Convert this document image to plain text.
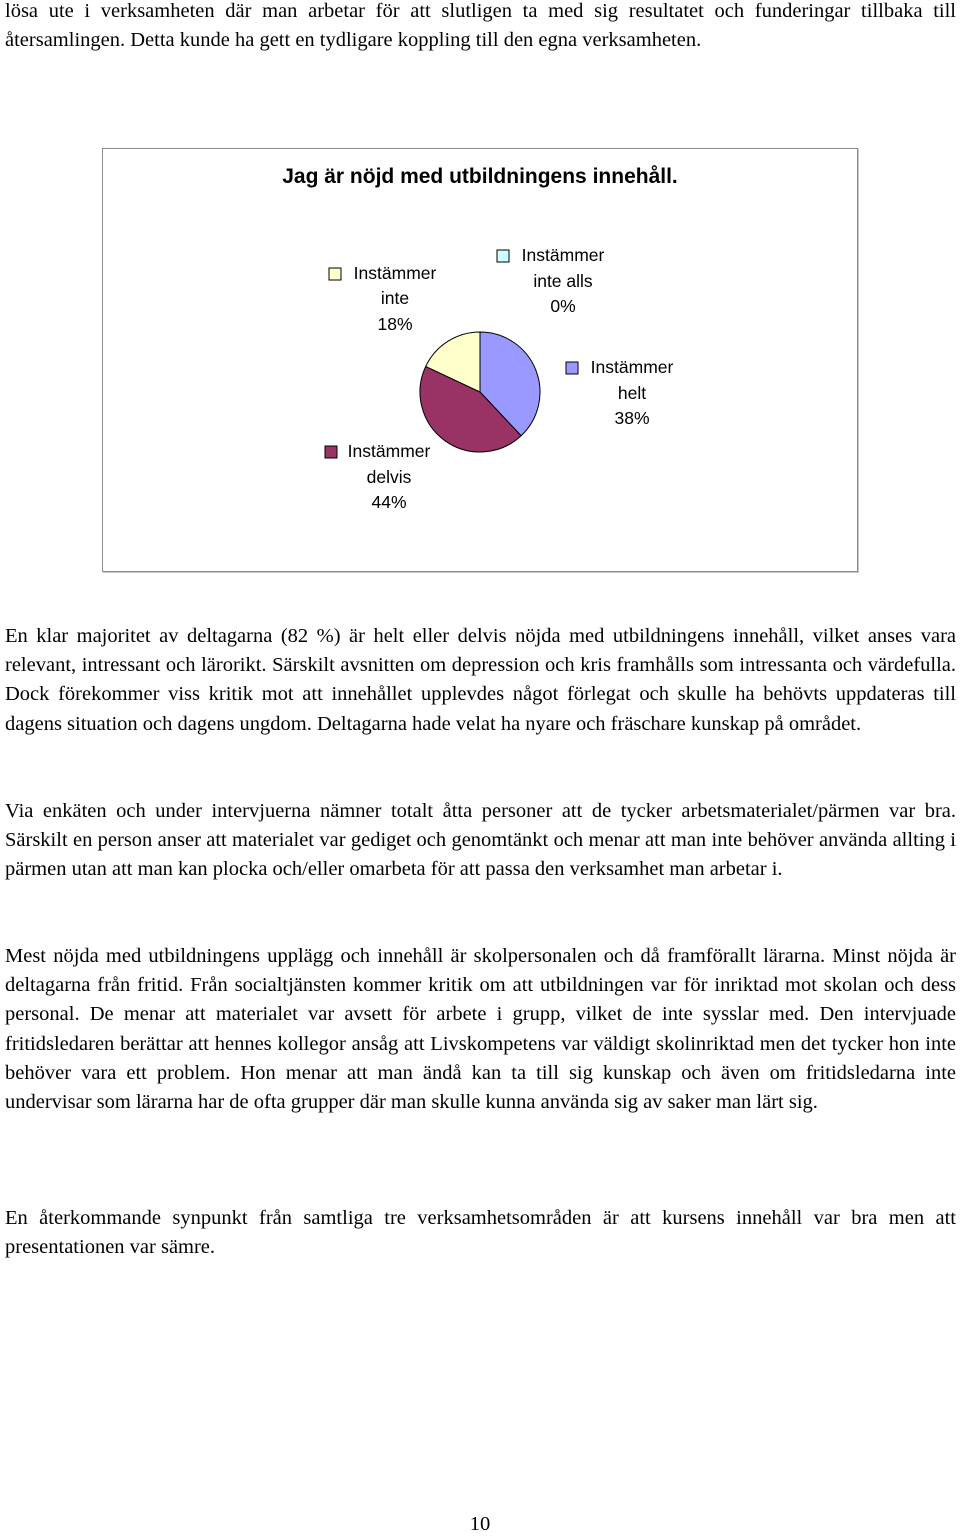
lösa ute i verksamheten där man arbetar för att slutligen ta med sig resultatet och funderingar tillbaka till återsamlingen. Detta kunde ha gett en tydligare koppling till den egna verksamheten.

Jag är nöjd med utbildningens innehåll.
Instämmer
inte
18%
Instämmer
inte alls
0%
Instämmer
helt
38%
Instämmer
delvis
44%

En klar majoritet av deltagarna (82 %) är helt eller delvis nöjda med utbildningens innehåll, vilket anses vara relevant, intressant och lärorikt. Särskilt avsnitten om depression och kris framhålls som intressanta och värdefulla. Dock förekommer viss kritik mot att innehållet upplevdes något förlegat och skulle ha behövts uppdateras till dagens situation och dagens ungdom. Deltagarna hade velat ha nyare och fräschare kunskap på området.

Via enkäten och under intervjuerna nämner totalt åtta personer att de tycker arbetsmaterialet/pärmen var bra. Särskilt en person anser att materialet var gediget och genomtänkt och menar att man inte behöver använda allting i pärmen utan att man kan plocka och/eller omarbeta för att passa den verksamhet man arbetar i.

Mest nöjda med utbildningens upplägg och innehåll är skolpersonalen och då framförallt lärarna. Minst nöjda är deltagarna från fritid. Från socialtjänsten kommer kritik om att utbildningen var för inriktad mot skolan och dess personal. De menar att materialet var avsett för arbete i grupp, vilket de inte sysslar med. Den intervjuade fritidsledaren berättar att hennes kollegor ansåg att Livskompetens var väldigt skolinriktad men det tycker hon inte behöver vara ett problem. Hon menar att man ändå kan ta till sig kunskap och även om fritidsledarna inte undervisar som lärarna har de ofta grupper där man skulle kunna använda sig av saker man lärt sig.

En återkommande synpunkt från samtliga tre verksamhetsområden är att kursens innehåll var bra men att presentationen var sämre.

10
